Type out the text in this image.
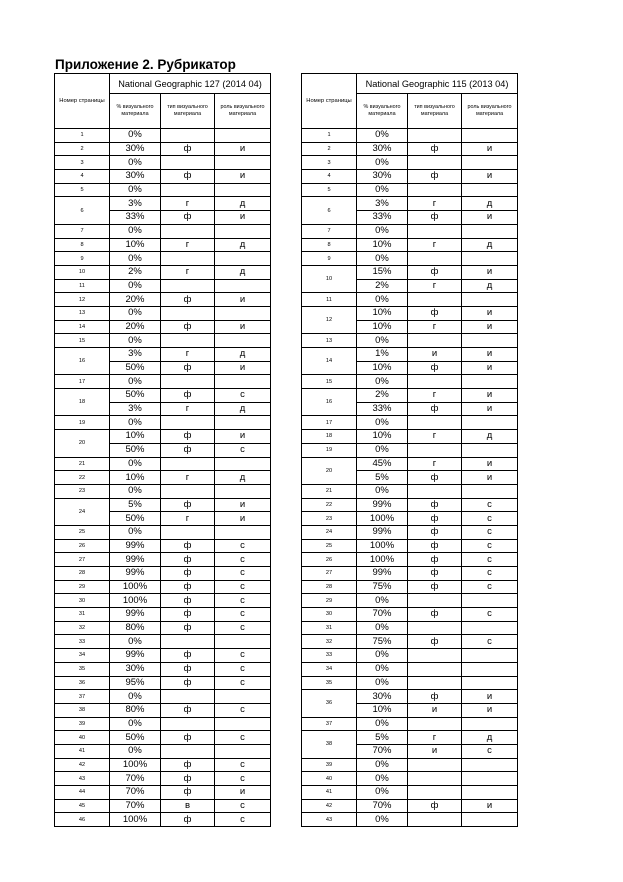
Приложение 2. Рубрикатор
Номер страницы	National Geographic 127 (2014 04)		
	% визуального материала	тип визуального материала	роль визуального материала
1	0%		
2	30%	ф	и
3	0%		
4	30%	ф	и
5	0%		
6	3%	г	д
	33%	ф	и
7	0%		
8	10%	г	д
9	0%		
10	2%	г	д
11	0%		
12	20%	ф	и
13	0%		
14	20%	ф	и
15	0%		
16	3%	г	д
	50%	ф	и
17	0%		
18	50%	ф	с
	3%	г	д
19	0%		
20	10%	ф	и
	50%	ф	с
21	0%		
22	10%	г	д
23	0%		
24	5%	ф	и
	50%	г	и
25	0%		
26	99%	ф	с
27	99%	ф	с
28	99%	ф	с
29	100%	ф	с
30	100%	ф	с
31	99%	ф	с
32	80%	ф	с
33	0%		
34	99%	ф	с
35	30%	ф	с
36	95%	ф	с
37	0%		
38	80%	ф	с
39	0%		
40	50%	ф	с
41	0%		
42	100%	ф	с
43	70%	ф	с
44	70%	ф	и
45	70%	в	с
46	100%	ф	с
Номер страницы	National Geographic 115 (2013 04)		
	% визуального материала	тип визуального материала	роль визуального материала
1	0%		
2	30%	ф	и
3	0%		
4	30%	ф	и
5	0%		
6	3%	г	д
	33%	ф	и
7	0%		
8	10%	г	д
9	0%		
10	15%	ф	и
	2%	г	д
11	0%		
12	10%	ф	и
	10%	г	и
13	0%		
14	1%	и	и
	10%	ф	и
15	0%		
16	2%	г	и
	33%	ф	и
17	0%		
18	10%	г	д
19	0%		
20	45%	г	и
	5%	ф	и
21	0%		
22	99%	ф	с
23	100%	ф	с
24	99%	ф	с
25	100%	ф	с
26	100%	ф	с
27	99%	ф	с
28	75%	ф	с
29	0%		
30	70%	ф	с
31	0%		
32	75%	ф	с
33	0%		
34	0%		
35	0%		
36	30%	ф	и
	10%	и	и
37	0%		
38	5%	г	д
	70%	и	с
39	0%		
40	0%		
41	0%		
42	70%	ф	и
43	0%		
